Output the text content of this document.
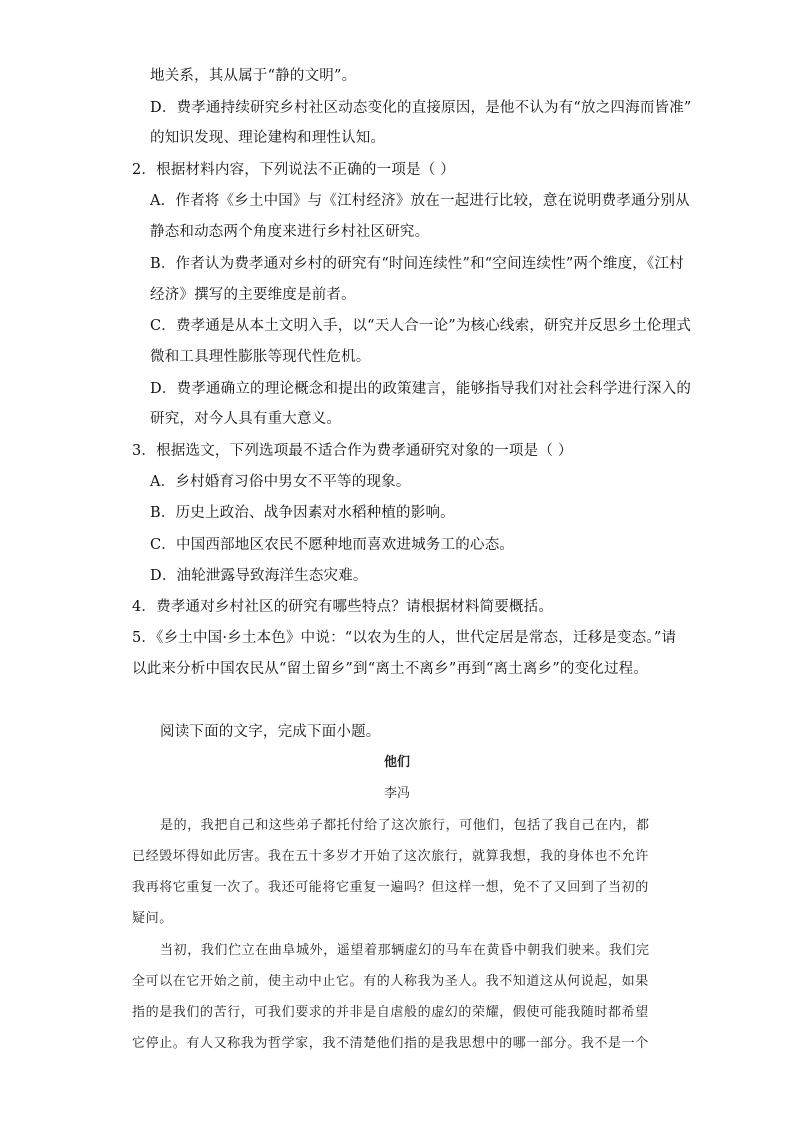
地关系，其从属于“静的文明”。
D．费孝通持续研究乡村社区动态变化的直接原因，是他不认为有“放之四海而皆准”
的知识发现、理论建构和理性认知。
2．根据材料内容，下列说法不正确的一项是（ ）
A．作者将《乡土中国》与《江村经济》放在一起进行比较，意在说明费孝通分别从
静态和动态两个角度来进行乡村社区研究。
B．作者认为费孝通对乡村的研究有“时间连续性”和“空间连续性”两个维度，《江村
经济》撰写的主要维度是前者。
C．费孝通是从本土文明入手，以“天人合一论”为核心线索，研究并反思乡土伦理式
微和工具理性膨胀等现代性危机。
D．费孝通确立的理论概念和提出的政策建言，能够指导我们对社会科学进行深入的
研究，对今人具有重大意义。
3．根据选文，下列选项最不适合作为费孝通研究对象的一项是（ ）
A．乡村婚育习俗中男女不平等的现象。
B．历史上政治、战争因素对水稻种植的影响。
C．中国西部地区农民不愿种地而喜欢进城务工的心态。
D．油轮泄露导致海洋生态灾难。
4．费孝通对乡村社区的研究有哪些特点？请根据材料简要概括。
5．《乡土中国·乡土本色》中说：“以农为生的人，世代定居是常态，迁移是变态。”请
以此来分析中国农民从“留土留乡”到“离土不离乡”再到“离土离乡”的变化过程。
阅读下面的文字，完成下面小题。
他们
李冯
是的，我把自己和这些弟子都托付给了这次旅行，可他们，包括了我自己在内，都
已经毁坏得如此厉害。我在五十多岁才开始了这次旅行，就算我想，我的身体也不允许
我再将它重复一次了。我还可能将它重复一遍吗？但这样一想，免不了又回到了当初的
疑问。
当初，我们伫立在曲阜城外，遥望着那辆虚幻的马车在黄昏中朝我们驶来。我们完
全可以在它开始之前，使主动中止它。有的人称我为圣人。我不知道这从何说起，如果
指的是我们的苦行，可我们要求的并非是自虐般的虚幻的荣耀，假使可能我随时都希望
它停止。有人又称我为哲学家，我不清楚他们指的是我思想中的哪一部分。我不是一个
